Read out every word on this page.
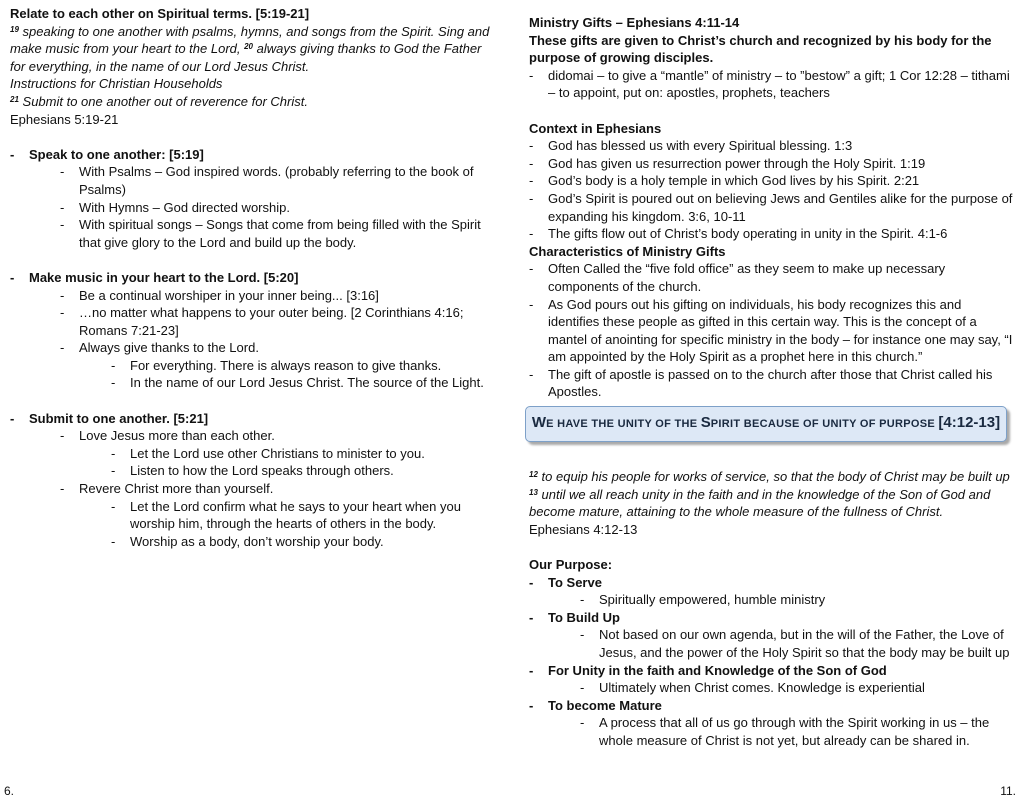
Relate to each other on Spiritual terms. [5:19-21]
$^{19}$ speaking to one another with psalms, hymns, and songs from the Spirit. Sing and make music from your heart to the Lord, $^{20}$ always giving thanks to God the Father for everything, in the name of our Lord Jesus Christ.
Instructions for Christian Households
$^{21}$ Submit to one another out of reverence for Christ.
Ephesians 5:19-21
- Speak to one another: [5:19]
- With Psalms – God inspired words. (probably referring to the book of Psalms)
- With Hymns – God directed worship.
- With spiritual songs – Songs that come from being filled with the Spirit that give glory to the Lord and build up the body.
- Make music in your heart to the Lord. [5:20]
- Be a continual worshiper in your inner being... [3:16]
- …no matter what happens to your outer being. [2 Corinthians 4:16; Romans 7:21-23]
- Always give thanks to the Lord.
- For everything. There is always reason to give thanks.
- In the name of our Lord Jesus Christ. The source of the Light.
- Submit to one another. [5:21]
- Love Jesus more than each other.
- Let the Lord use other Christians to minister to you.
- Listen to how the Lord speaks through others.
- Revere Christ more than yourself.
- Let the Lord confirm what he says to your heart when you worship him, through the hearts of others in the body.
- Worship as a body, don’t worship your body.
Ministry Gifts – Ephesians 4:11-14
These gifts are given to Christ’s church and recognized by his body for the purpose of growing disciples.
- didomai – to give a “mantle” of ministry – to ”bestow” a gift; 1 Cor 12:28 – tithami – to appoint, put on: apostles, prophets, teachers
Context in Ephesians
- God has blessed us with every Spiritual blessing. 1:3
- God has given us resurrection power through the Holy Spirit. 1:19
- God’s body is a holy temple in which God lives by his Spirit. 2:21
- God’s Spirit is poured out on believing Jews and Gentiles alike for the purpose of expanding his kingdom. 3:6, 10-11
- The gifts flow out of Christ’s body operating in unity in the Spirit. 4:1-6
Characteristics of Ministry Gifts
- Often Called the “five fold office” as they seem to make up necessary components of the church.
- As God pours out his gifting on individuals, his body recognizes this and identifies these people as gifted in this certain way. This is the concept of a mantel of anointing for specific ministry in the body – for instance one may say, “I am appointed by the Holy Spirit as a prophet here in this church.”
- The gift of apostle is passed on to the church after those that Christ called his Apostles.
WE HAVE THE UNITY OF THE SPIRIT BECAUSE OF UNITY OF PURPOSE [4:12-13]
$^{12}$ to equip his people for works of service, so that the body of Christ may be built up $^{13}$ until we all reach unity in the faith and in the knowledge of the Son of God and become mature, attaining to the whole measure of the fullness of Christ.
Ephesians 4:12-13
Our Purpose:
- To Serve
- Spiritually empowered, humble ministry
- To Build Up
- Not based on our own agenda, but in the will of the Father, the Love of Jesus, and the power of the Holy Spirit so that the body may be built up
- For Unity in the faith and Knowledge of the Son of God
- Ultimately when Christ comes. Knowledge is experiential
- To become Mature
- A process that all of us go through with the Spirit working in us – the whole measure of Christ is not yet, but already can be shared in.
6.	11.
